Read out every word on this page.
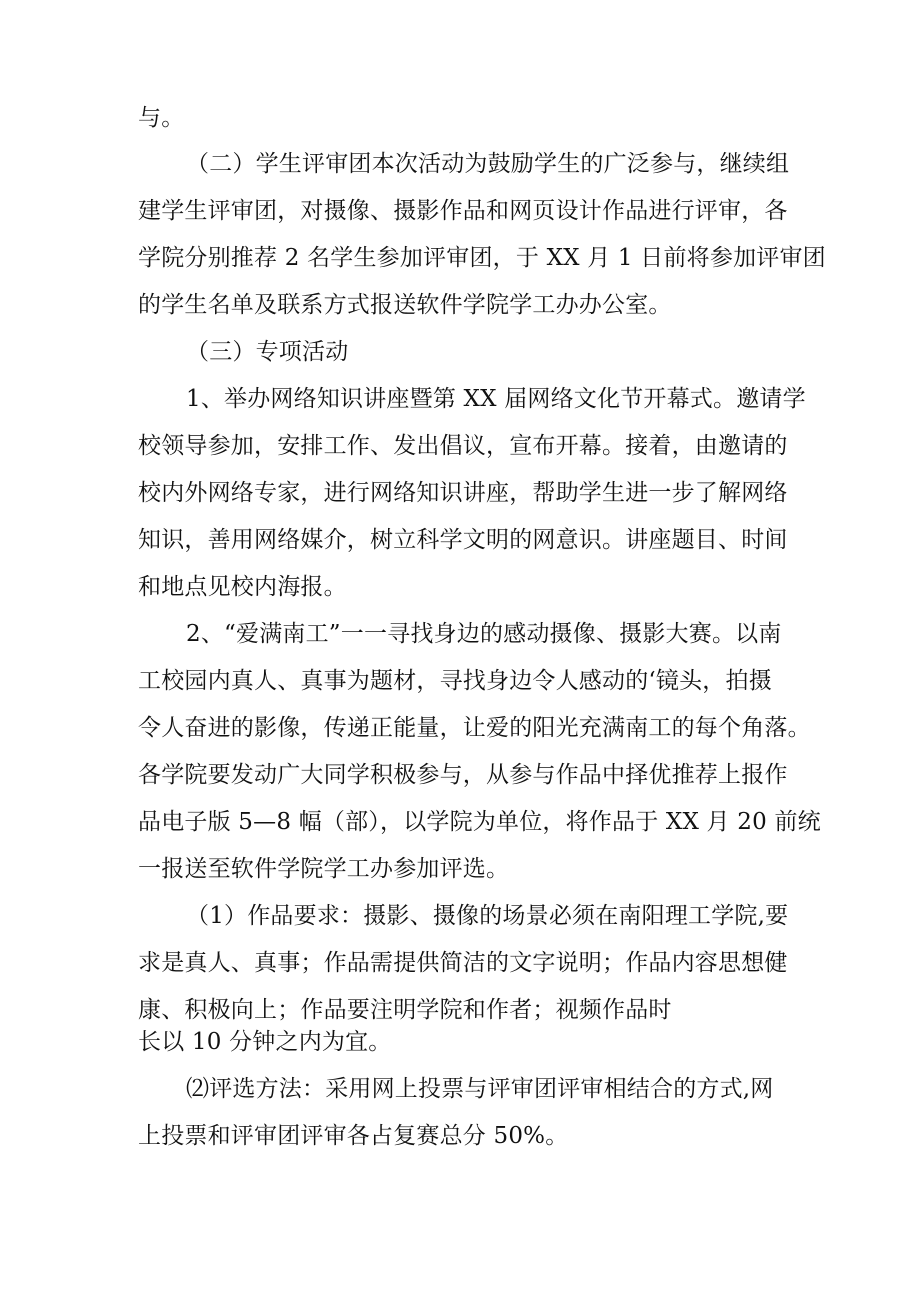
与。
（二）学生评审团本次活动为鼓励学生的广泛参与，继续组
建学生评审团，对摄像、摄影作品和网页设计作品进行评审，各
学院分别推荐 2 名学生参加评审团，于 XX 月 1 日前将参加评审团
的学生名单及联系方式报送软件学院学工办办公室。
（三）专项活动
1、举办网络知识讲座暨第 XX 届网络文化节开幕式。邀请学
校领导参加，安排工作、发出倡议，宣布开幕。接着，由邀请的
校内外网络专家，进行网络知识讲座，帮助学生进一步了解网络
知识，善用网络媒介，树立科学文明的网意识。讲座题目、时间
和地点见校内海报。
2、“爱满南工”一一寻找身边的感动摄像、摄影大赛。以南
工校园内真人、真事为题材，寻找身边令人感动的‘镜头，拍摄
令人奋进的影像，传递正能量，让爱的阳光充满南工的每个角落。
各学院要发动广大同学积极参与，从参与作品中择优推荐上报作
品电子版 5—8 幅（部），以学院为单位，将作品于 XX 月 20 前统
一报送至软件学院学工办参加评选。
（1）作品要求：摄影、摄像的场景必须在南阳理工学院,要
求是真人、真事；作品需提供简洁的文字说明；作品内容思想健
康、积极向上；作品要注明学院和作者；视频作品时
长以 10 分钟之内为宜。
⑵评选方法：采用网上投票与评审团评审相结合的方式,网
上投票和评审团评审各占复赛总分 50%。
